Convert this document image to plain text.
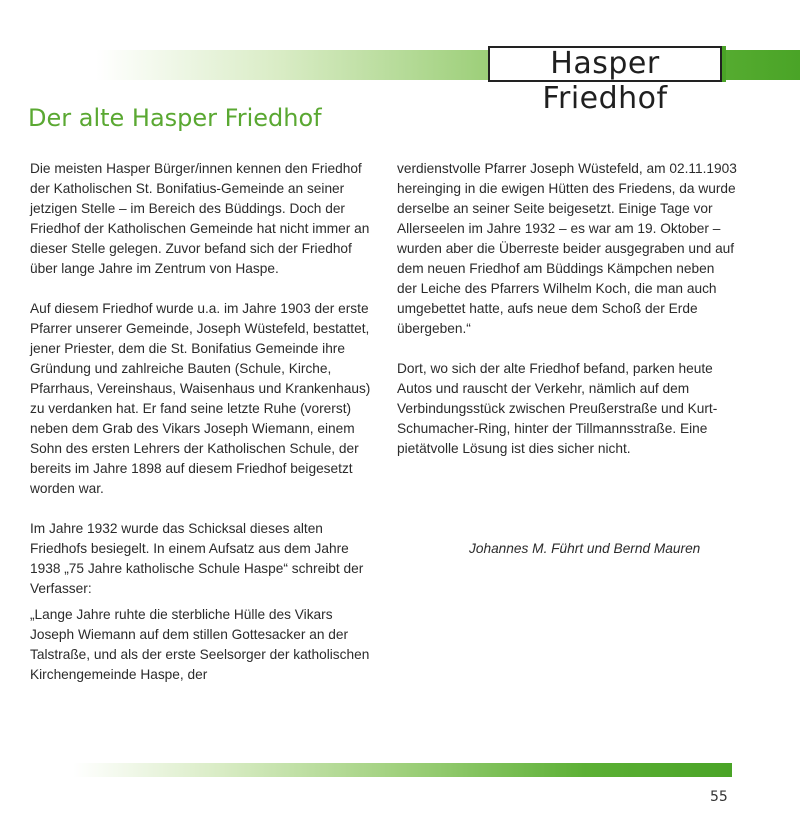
Hasper Friedhof
Der alte Hasper Friedhof

Die meisten Hasper Bürger/innen kennen den Friedhof der Katholischen St. Bonifatius-Gemeinde an seiner jetzigen Stelle – im Bereich des Büddings. Doch der Friedhof der Katholischen Gemeinde hat nicht immer an dieser Stelle gelegen. Zuvor befand sich der Friedhof über lange Jahre im Zentrum von Haspe.

Auf diesem Friedhof wurde u.a. im Jahre 1903 der erste Pfarrer unserer Gemeinde, Joseph Wüstefeld, bestattet, jener Priester, dem die St. Bonifatius Gemeinde ihre Gründung und zahlreiche Bauten (Schule, Kirche, Pfarrhaus, Vereinshaus, Waisenhaus und Krankenhaus) zu verdanken hat. Er fand seine letzte Ruhe (vorerst) neben dem Grab des Vikars Joseph Wiemann, einem Sohn des ersten Lehrers der Katholischen Schule, der bereits im Jahre 1898 auf diesem Friedhof beigesetzt worden war.

Im Jahre 1932 wurde das Schicksal dieses alten Friedhofs besiegelt. In einem Aufsatz aus dem Jahre 1938 „75 Jahre katholische Schule Haspe“ schreibt der Verfasser:

„Lange Jahre ruhte die sterbliche Hülle des Vikars Joseph Wiemann auf dem stillen Gottesacker an der Talstraße, und als der erste Seelsorger der katholischen Kirchengemeinde Haspe, der

verdienstvolle Pfarrer Joseph Wüstefeld, am 02.11.1903 hereinging in die ewigen Hütten des Friedens, da wurde derselbe an seiner Seite beigesetzt. Einige Tage vor Allerseelen im Jahre 1932 – es war am 19. Oktober – wurden aber die Überreste beider ausgegraben und auf dem neuen Friedhof am Büddings Kämpchen neben der Leiche des Pfarrers Wilhelm Koch, die man auch umgebettet hatte, aufs neue dem Schoß der Erde übergeben.“

Dort, wo sich der alte Friedhof befand, parken heute Autos und rauscht der Verkehr, nämlich auf dem Verbindungsstück zwischen Preußerstraße und Kurt-Schumacher-Ring, hinter der Tillmannsstraße. Eine pietätvolle Lösung ist dies sicher nicht.

Johannes M. Führt und Bernd Mauren
55
